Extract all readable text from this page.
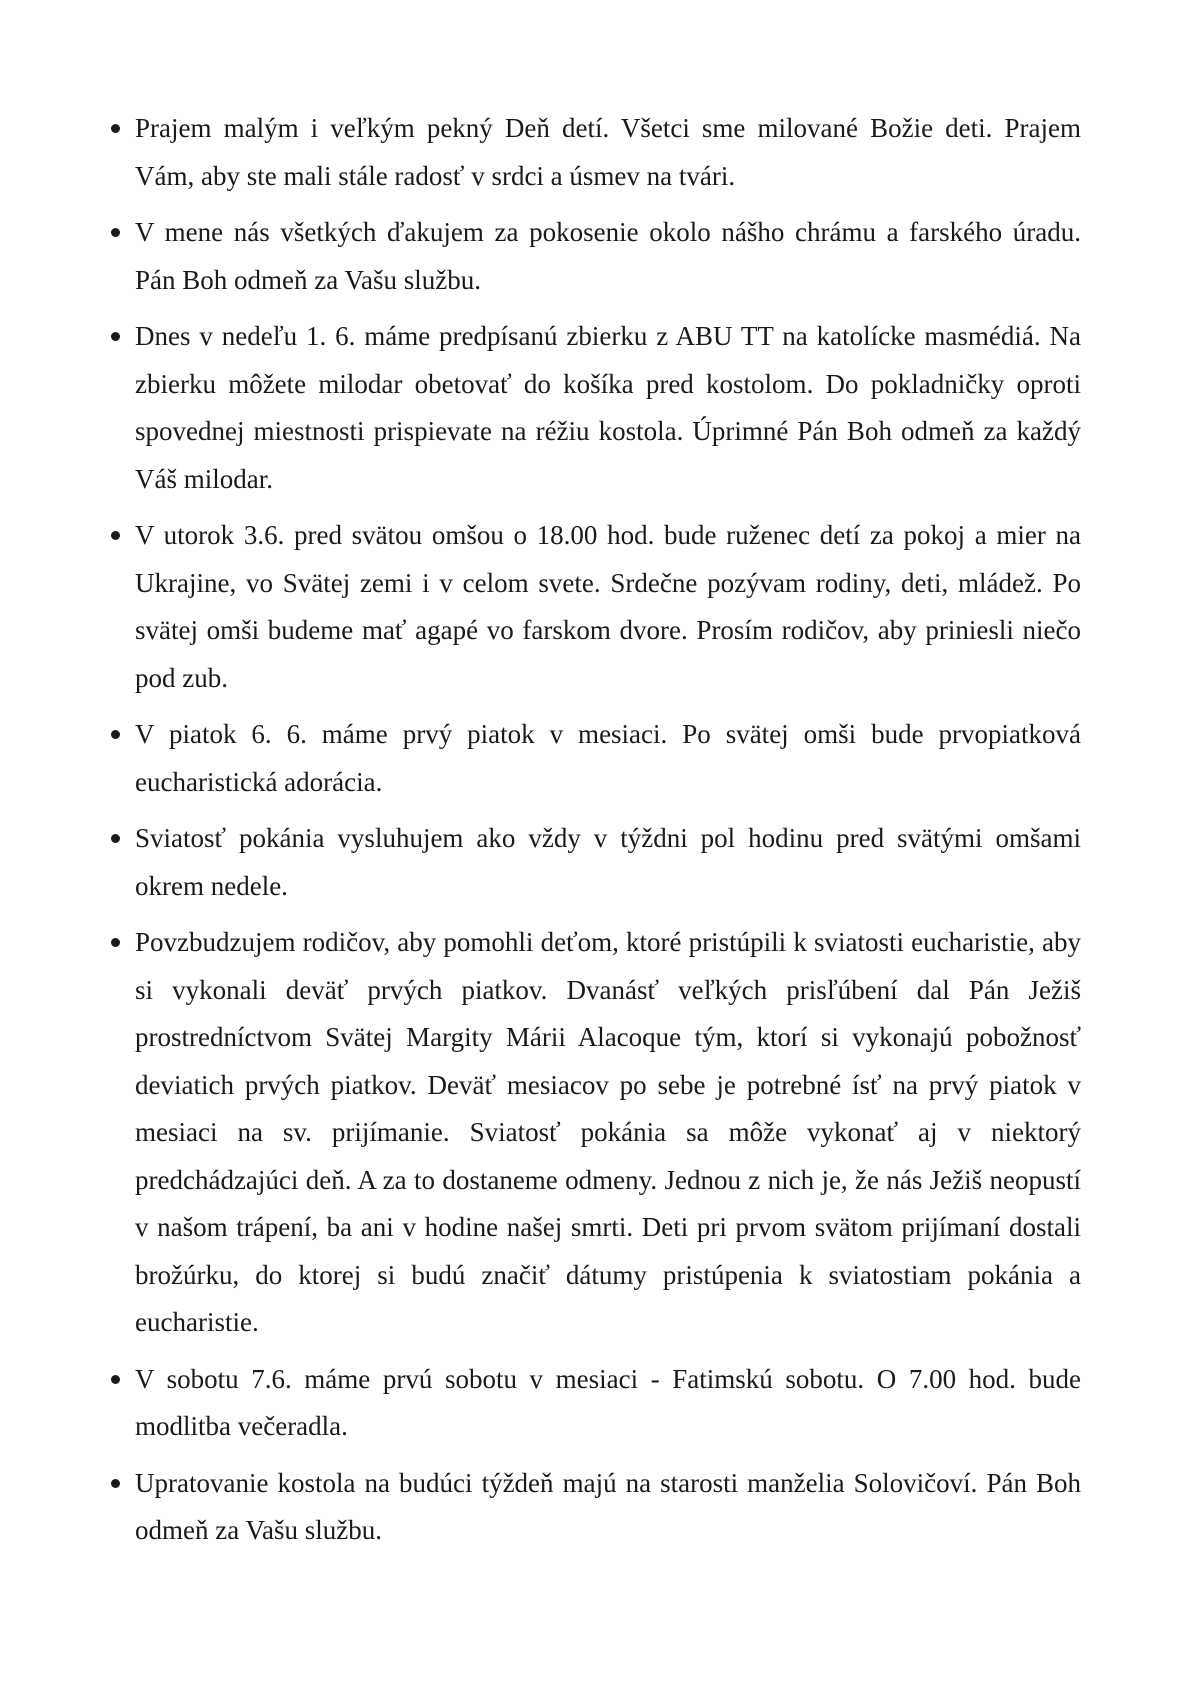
Prajem malým i veľkým pekný Deň detí. Všetci sme milované Božie deti. Prajem Vám, aby ste mali stále radosť v srdci a úsmev na tvári.
V mene nás všetkých ďakujem za pokosenie okolo nášho chrámu a farského úradu. Pán Boh odmeň za Vašu službu.
Dnes v nedeľu 1. 6. máme predpísanú zbierku z ABU TT na katolícke masmédiá. Na zbierku môžete milodar obetovať do košíka pred kostolom. Do pokladničky oproti spovednej miestnosti prispievate na réžiu kostola. Úprimné Pán Boh odmeň za každý Váš milodar.
V utorok 3.6. pred svätou omšou o 18.00 hod. bude ruženec detí za pokoj a mier na Ukrajine, vo Svätej zemi i v celom svete. Srdečne pozývam rodiny, deti, mládež. Po svätej omši budeme mať agapé vo farskom dvore. Prosím rodičov, aby priniesli niečo pod zub.
V piatok 6. 6. máme prvý piatok v mesiaci. Po svätej omši bude prvopiatková eucharistická adorácia.
Sviatosť pokánia vysluhujem ako vždy v týždni pol hodinu pred svätými omšami okrem nedele.
Povzbudzujem rodičov, aby pomohli deťom, ktoré pristúpili k sviatosti eucharistie, aby si vykonali deväť prvých piatkov. Dvanásť veľkých prisľúbení dal Pán Ježiš prostredníctvom Svätej Margity Márii Alacoque tým, ktorí si vykonajú pobožnosť deviatich prvých piatkov. Deväť mesiacov po sebe je potrebné ísť na prvý piatok v mesiaci na sv. prijímanie. Sviatosť pokánia sa môže vykonať aj v niektorý predchádzajúci deň. A za to dostaneme odmeny. Jednou z nich je, že nás Ježiš neopustí v našom trápení, ba ani v hodine našej smrti. Deti pri prvom svätom prijímaní dostali brožúrku, do ktorej si budú značiť dátumy pristúpenia k sviatostiam pokánia a eucharistie.
V sobotu 7.6. máme prvú sobotu v mesiaci - Fatimskú sobotu. O 7.00 hod. bude modlitba večeradla.
Upratovanie kostola na budúci týždeň majú na starosti manželia Solovičoví. Pán Boh odmeň za Vašu službu.
